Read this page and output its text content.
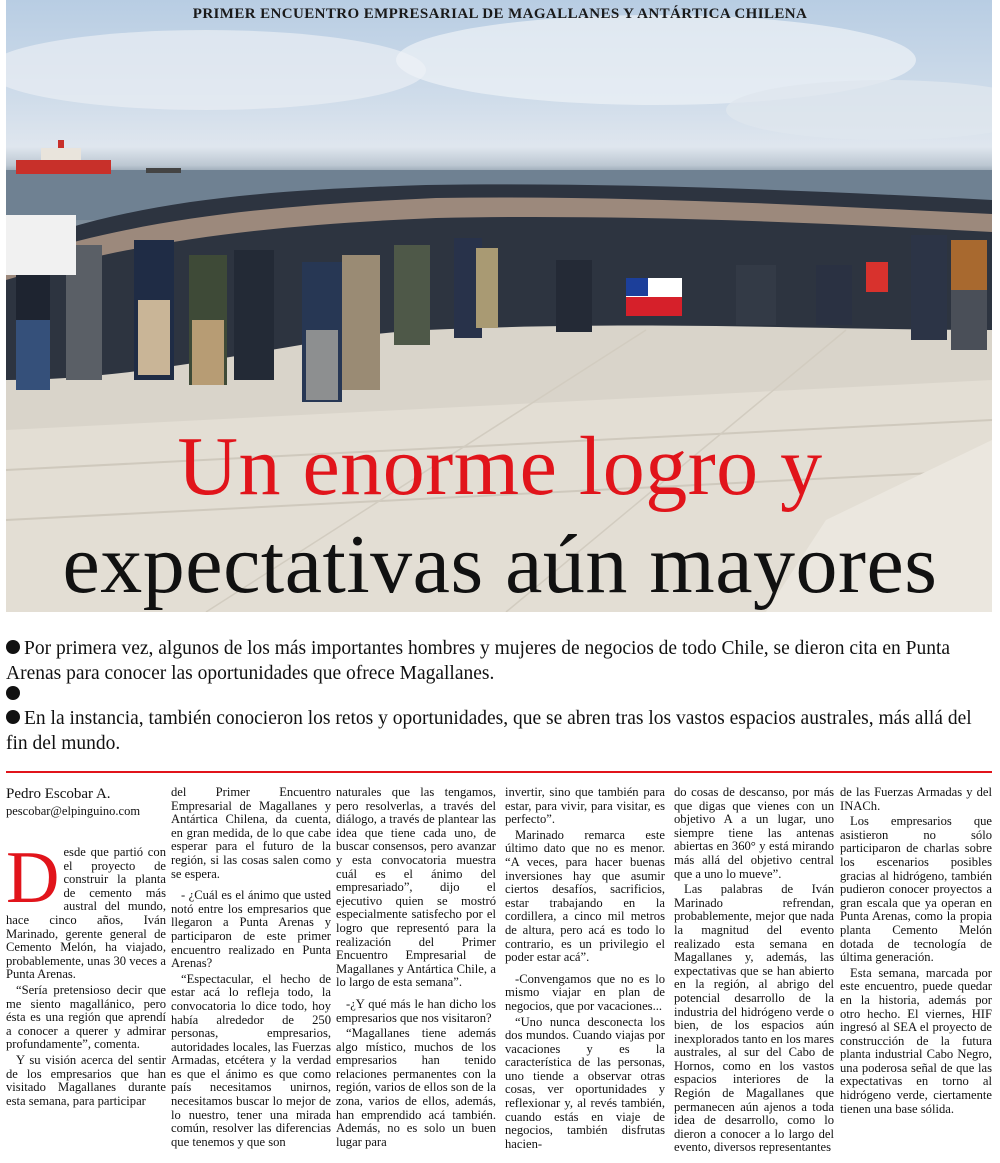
PRIMER ENCUENTRO EMPRESARIAL DE MAGALLANES Y ANTÁRTICA CHILENA
Un enorme logro y
expectativas aún mayores
Por primera vez, algunos de los más importantes hombres y mujeres de negocios de todo Chile, se dieron cita en Punta Arenas para conocer las oportunidades que ofrece Magallanes.
En la instancia, también conocieron los retos y oportunidades, que se abren tras los vastos espacios australes, más allá del fin del mundo.
Pedro Escobar A.
pescobar@elpinguino.com

Desde que partió con el proyecto de construir la planta de cemento más austral del mundo, hace cinco años, Iván Marinado, gerente general de Cemento Melón, ha viajado, probablemente, unas 30 veces a Punta Arenas.

“Sería pretensioso decir que me siento magallánico, pero ésta es una región que aprendí a conocer a querer y admirar profundamente”, comenta.

Y su visión acerca del sentir de los empresarios que han visitado Magallanes durante esta semana, para participar

del Primer Encuentro Empresarial de Magallanes y Antártica Chilena, da cuenta, en gran medida, de lo que cabe esperar para el futuro de la región, si las cosas salen como se espera.

- ¿Cuál es el ánimo que usted notó entre los empresarios que llegaron a Punta Arenas y participaron de este primer encuentro realizado en Punta Arenas?

“Espectacular, el hecho de estar acá lo refleja todo, la convocatoria lo dice todo, hoy había alrededor de 250 personas, empresarios, autoridades locales, las Fuerzas Armadas, etcétera y la verdad es que el ánimo es que como país necesitamos unirnos, necesitamos buscar lo mejor de lo nuestro, tener una mirada común, resolver las diferencias que tenemos y que son

naturales que las tengamos, pero resolverlas, a través del diálogo, a través de plantear las idea que tiene cada uno, de buscar consensos, pero avanzar y esta convocatoria muestra cuál es el ánimo del empresariado”, dijo el ejecutivo quien se mostró especialmente satisfecho por el logro que representó para la realización del Primer Encuentro Empresarial de Magallanes y Antártica Chile, a lo largo de esta semana”.

-¿Y qué más le han dicho los empresarios que nos visitaron?

“Magallanes tiene además algo místico, muchos de los empresarios han tenido relaciones permanentes con la región, varios de ellos son de la zona, varios de ellos, además, han emprendido acá también. Además, no es solo un buen lugar para

invertir, sino que también para estar, para vivir, para visitar, es perfecto”.

Marinado remarca este último dato que no es menor. “A veces, para hacer buenas inversiones hay que asumir ciertos desafíos, sacrificios, estar trabajando en la cordillera, a cinco mil metros de altura, pero acá es todo lo contrario, es un privilegio el poder estar acá”.

-Convengamos que no es lo mismo viajar en plan de negocios, que por vacaciones...

“Uno nunca desconecta los dos mundos. Cuando viajas por vacaciones y es la característica de las personas, uno tiende a observar otras cosas, ver oportunidades y reflexionar y, al revés también, cuando estás en viaje de negocios, también disfrutas hacien-

do cosas de descanso, por más que digas que vienes con un objetivo A a un lugar, uno siempre tiene las antenas abiertas en 360° y está mirando más allá del objetivo central que a uno lo mueve”.

Las palabras de Iván Marinado refrendan, probablemente, mejor que nada la magnitud del evento realizado esta semana en Magallanes y, además, las expectativas que se han abierto en la región, al abrigo del potencial desarrollo de la industria del hidrógeno verde o bien, de los espacios aún inexplorados tanto en los mares australes, al sur del Cabo de Hornos, como en los vastos espacios interiores de la Región de Magallanes que permanecen aún ajenos a toda idea de desarrollo, como lo dieron a conocer a lo largo del evento, diversos representantes

de las Fuerzas Armadas y del INACh.

Los empresarios que asistieron no sólo participaron de charlas sobre los escenarios posibles gracias al hidrógeno, también pudieron conocer proyectos a gran escala que ya operan en Punta Arenas, como la propia planta Cemento Melón dotada de tecnología de última generación.

Esta semana, marcada por este encuentro, puede quedar en la historia, además por otro hecho. El viernes, HIF ingresó al SEA el proyecto de construcción de la futura planta industrial Cabo Negro, una poderosa señal de que las expectativas en torno al hidrógeno verde, ciertamente tienen una base sólida.
